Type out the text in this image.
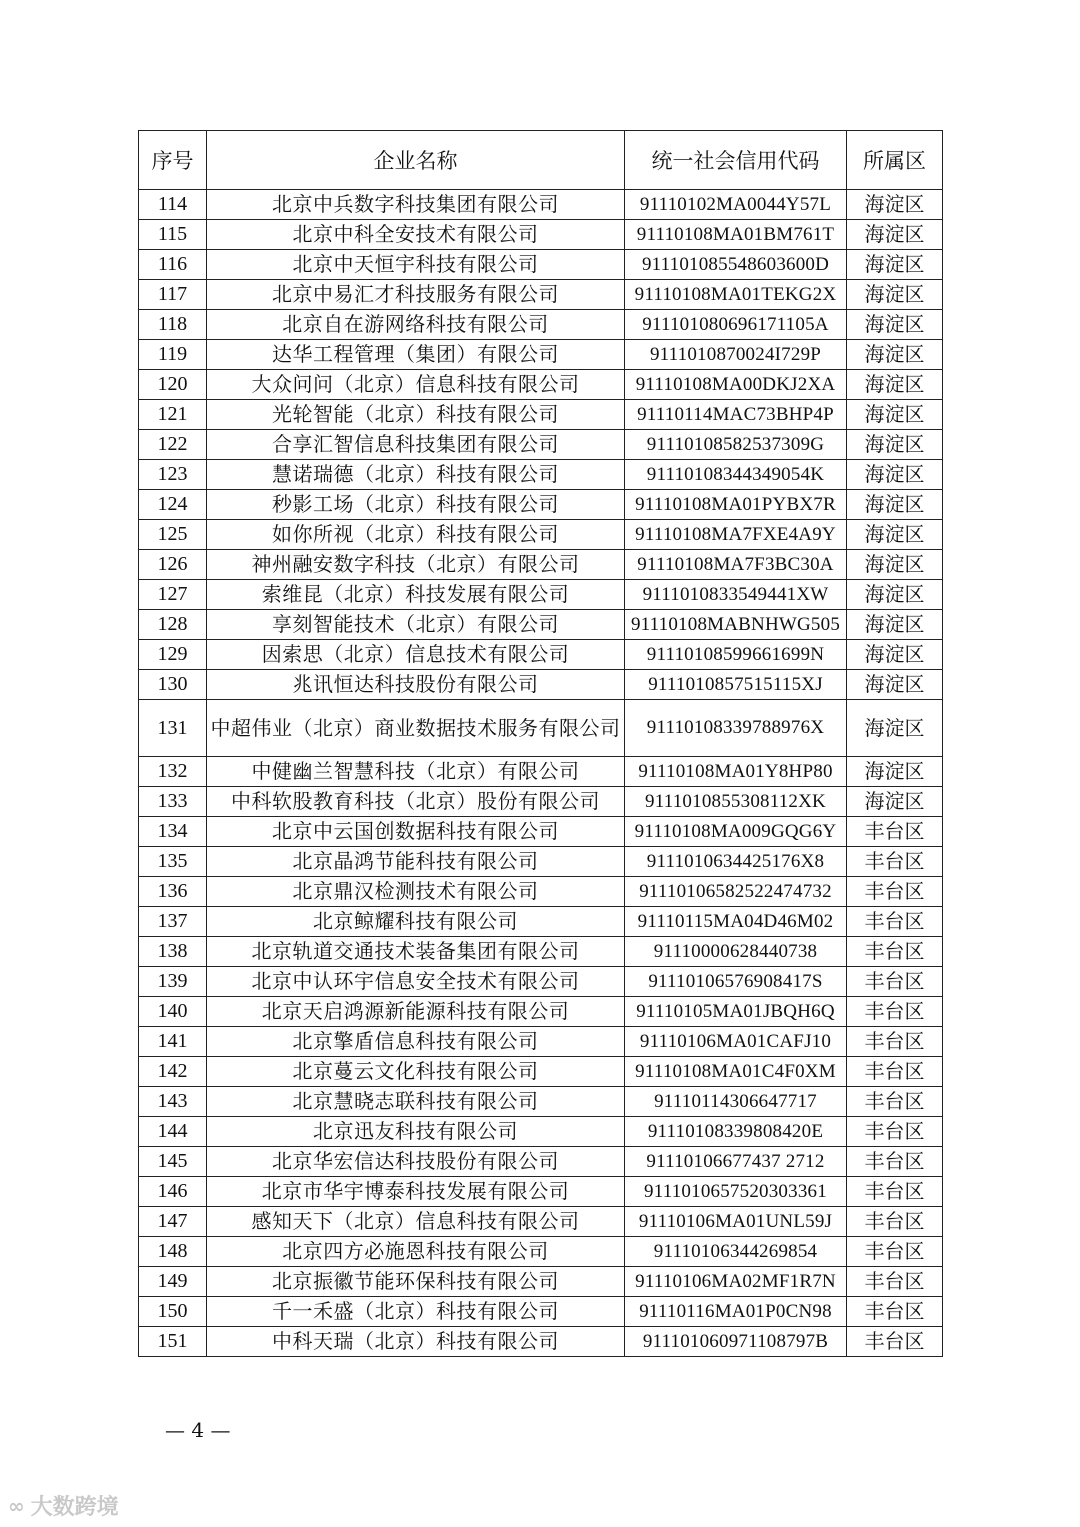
序号	企业名称	统一社会信用代码	所属区
114	北京中兵数字科技集团有限公司	91110102MA0044Y57L	海淀区
115	北京中科全安技术有限公司	91110108MA01BM761T	海淀区
116	北京中天恒宇科技有限公司	911101085548603600D	海淀区
117	北京中易汇才科技服务有限公司	91110108MA01TEKG2X	海淀区
118	北京自在游网络科技有限公司	911101080696171105A	海淀区
119	达华工程管理（集团）有限公司	9111010870024I729P	海淀区
120	大众问问（北京）信息科技有限公司	91110108MA00DKJ2XA	海淀区
121	光轮智能（北京）科技有限公司	91110114MAC73BHP4P	海淀区
122	合享汇智信息科技集团有限公司	91110108582537309G	海淀区
123	慧诺瑞德（北京）科技有限公司	91110108344349054K	海淀区
124	秒影工场（北京）科技有限公司	91110108MA01PYBX7R	海淀区
125	如你所视（北京）科技有限公司	91110108MA7FXE4A9Y	海淀区
126	神州融安数字科技（北京）有限公司	91110108MA7F3BC30A	海淀区
127	索维昆（北京）科技发展有限公司	9111010833549441XW	海淀区
128	享刻智能技术（北京）有限公司	91110108MABNHWG505	海淀区
129	因索思（北京）信息技术有限公司	91110108599661699N	海淀区
130	兆讯恒达科技股份有限公司	9111010857515115XJ	海淀区
131	中超伟业（北京）商业数据技术服务有限公司	91110108339788976X	海淀区
132	中健幽兰智慧科技（北京）有限公司	91110108MA01Y8HP80	海淀区
133	中科软股教育科技（北京）股份有限公司	9111010855308112XK	海淀区
134	北京中云国创数据科技有限公司	91110108MA009GQG6Y	丰台区
135	北京晶鸿节能科技有限公司	9111010634425176X8	丰台区
136	北京鼎汉检测技术有限公司	91110106582522474732	丰台区
137	北京鲸耀科技有限公司	91110115MA04D46M02	丰台区
138	北京轨道交通技术装备集团有限公司	91110000628440738	丰台区
139	北京中认环宇信息安全技术有限公司	91110106576908417S	丰台区
140	北京天启鸿源新能源科技有限公司	91110105MA01JBQH6Q	丰台区
141	北京擎盾信息科技有限公司	91110106MA01CAFJ10	丰台区
142	北京蔓云文化科技有限公司	91110108MA01C4F0XM	丰台区
143	北京慧晓志联科技有限公司	91110114306647717	丰台区
144	北京迅友科技有限公司	91110108339808420E	丰台区
145	北京华宏信达科技股份有限公司	91110106677437 2712	丰台区
146	北京市华宇博泰科技发展有限公司	9111010657520303361	丰台区
147	感知天下（北京）信息科技有限公司	91110106MA01UNL59J	丰台区
148	北京四方必施恩科技有限公司	91110106344269854	丰台区
149	北京振徽节能环保科技有限公司	91110106MA02MF1R7N	丰台区
150	千一禾盛（北京）科技有限公司	91110116MA01P0CN98	丰台区
151	中科天瑞（北京）科技有限公司	911101060971108797B	丰台区
— 4 —
∞ 大数跨境
